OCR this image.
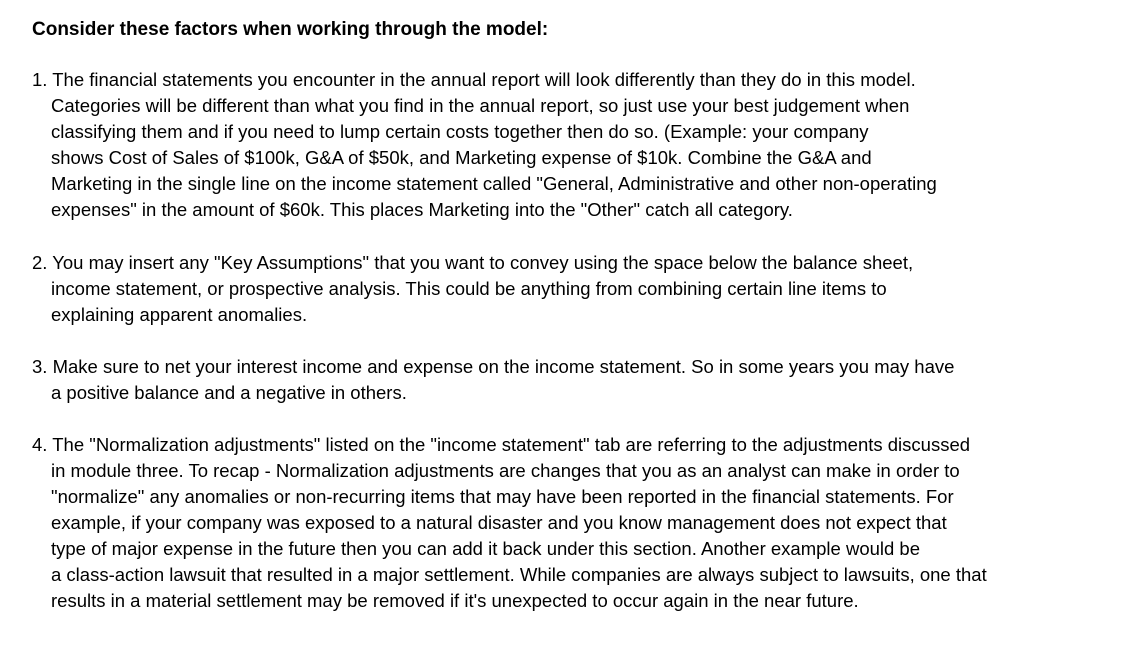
Consider these factors when working through the model:
1. The financial statements you encounter in the annual report will look differently than they do in this model.
Categories will be different than what you find in the annual report, so just use your best judgement when
classifying them and if you need to lump certain costs together then do so. (Example: your company
shows Cost of Sales of $100k, G&A of $50k, and Marketing expense of $10k. Combine the G&A and
Marketing in the single line on the income statement called "General, Administrative and other non-operating
expenses" in the amount of $60k. This places Marketing into the "Other" catch all category.
2. You may insert any "Key Assumptions" that you want to convey using the space below the balance sheet,
income statement, or prospective analysis. This could be anything from combining certain line items to
explaining apparent anomalies.
3. Make sure to net your interest income and expense on the income statement. So in some years you may have
a positive balance and a negative in others.
4. The "Normalization adjustments" listed on the "income statement" tab are referring to the adjustments discussed
in module three. To recap - Normalization adjustments are changes that you as an analyst can make in order to
"normalize" any anomalies or non-recurring items that may have been reported in the financial statements. For
example, if your company was exposed to a natural disaster and you know management does not expect that
type of major expense in the future then you can add it back under this section. Another example would be
a class-action lawsuit that resulted in a major settlement. While companies are always subject to lawsuits, one that
results in a material settlement may be removed if it's unexpected to occur again in the near future.
